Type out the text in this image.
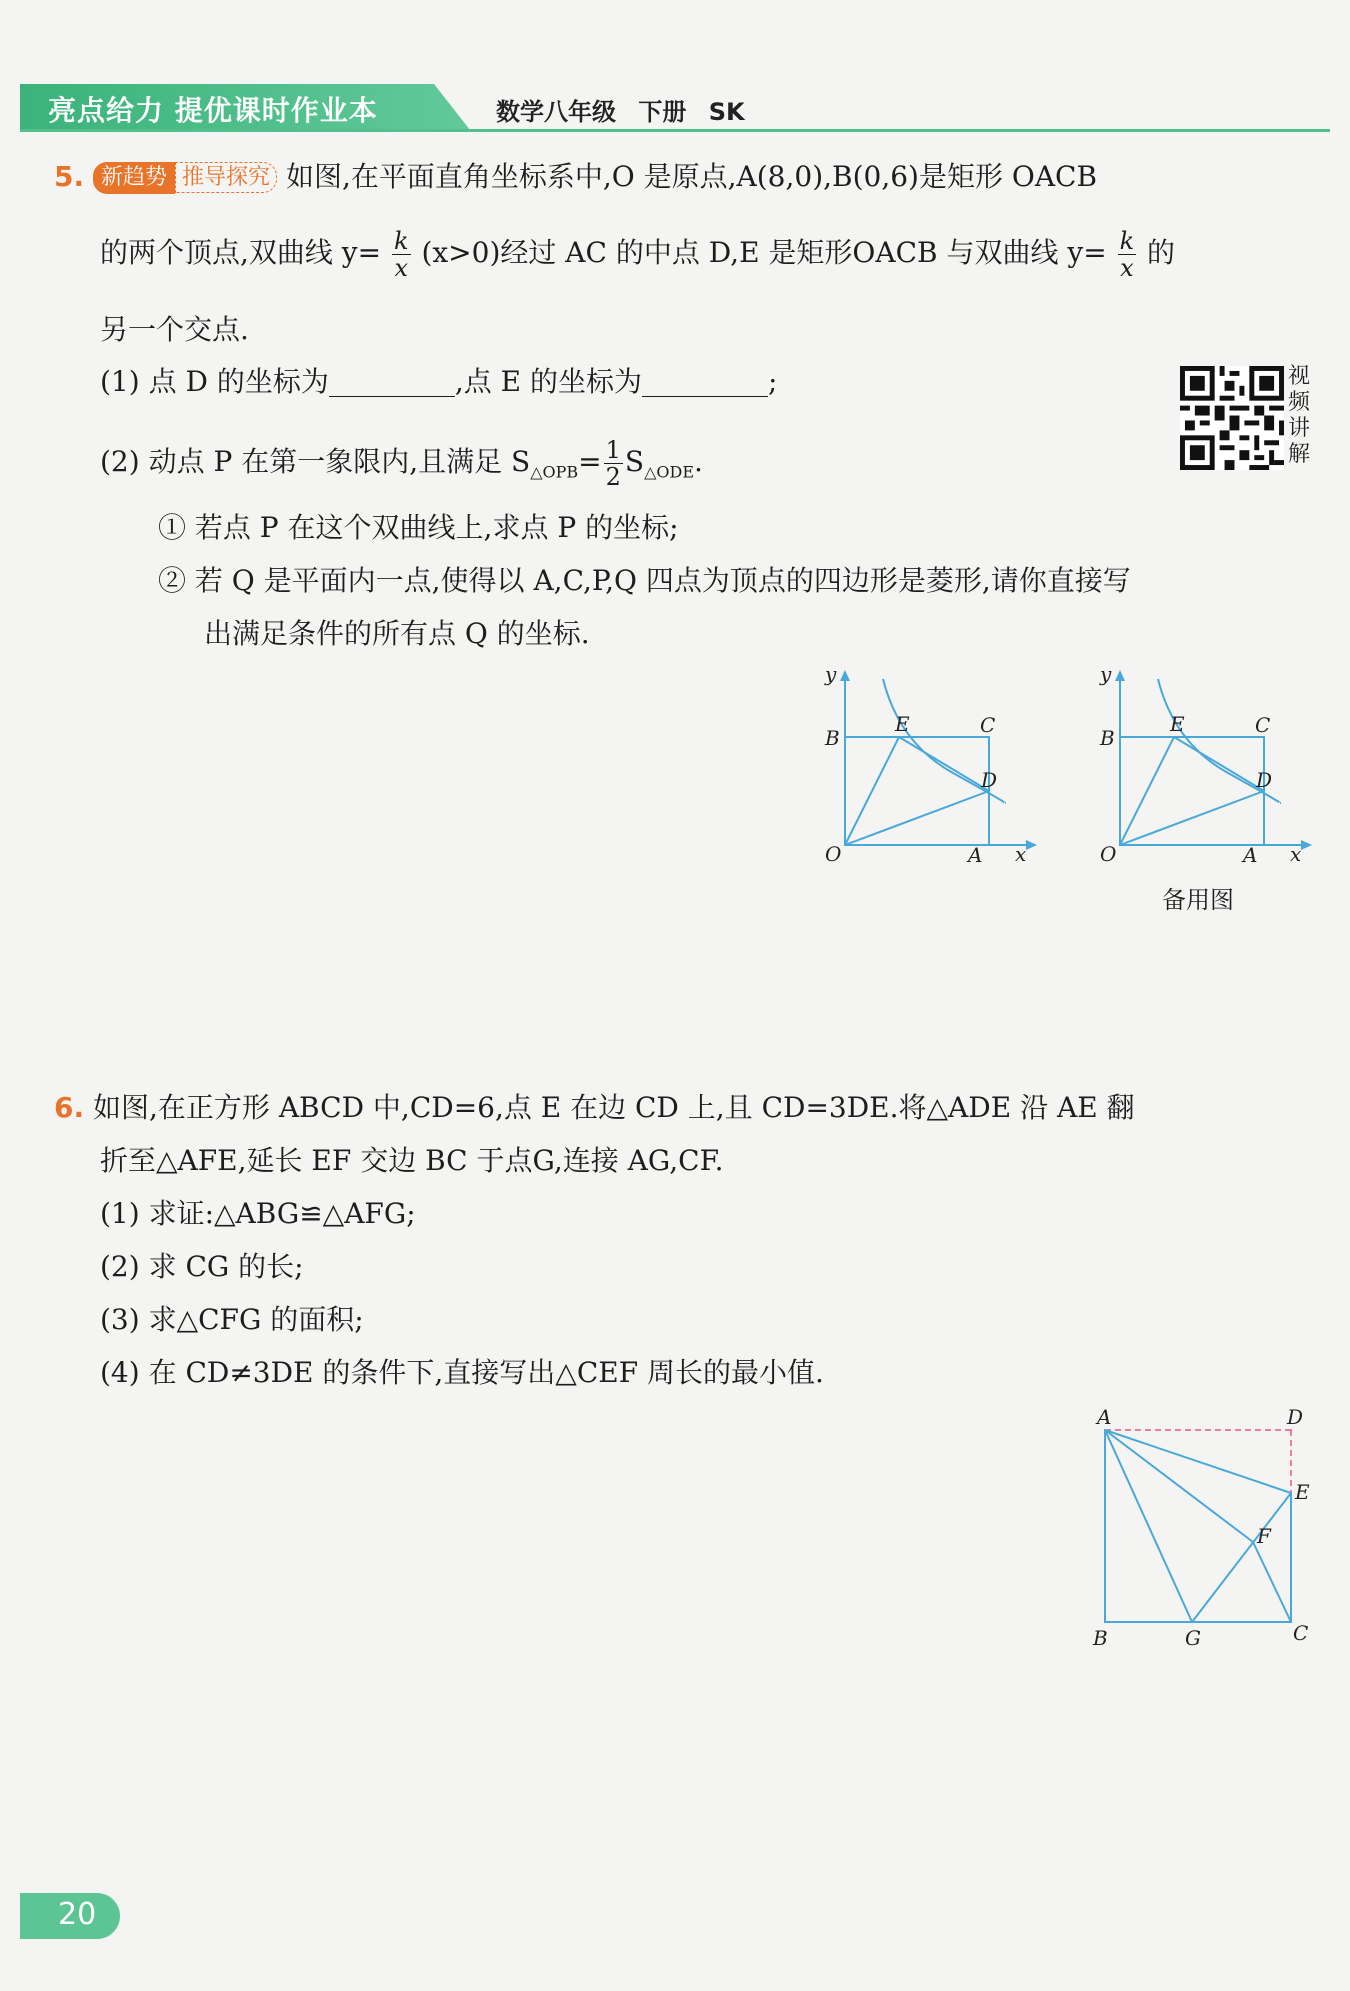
亮点给力 提优课时作业本	数学八年级 下册 SK
5. 新趋势 推导探究 如图,在平面直角坐标系中,O 是原点,A(8,0),B(0,6)是矩形 OACB
的两个顶点,双曲线 $y= \frac{k}{x} (x>0)$经过 AC 的中点 D,E 是矩形OACB 与双曲线 $y= \frac{k}{x}$ 的
另一个交点.
(1) 点 D 的坐标为	,点 E 的坐标为	;
(2) 动点 P 在第一象限内,且满足 $S_{\triangle OPB}= \frac{1}{2} S_{\triangle ODE}$.
① 若点 P 在这个双曲线上,求点 P 的坐标;
② 若 Q 是平面内一点,使得以 A,C,P,Q 四点为顶点的四边形是菱形,请你直接写
出满足条件的所有点 Q 的坐标.
视频讲解
y
x
O	A
B
C
D
E
y
x
O	A
B
C
D
E
备用图
6. 如图,在正方形 ABCD 中,CD=6,点 E 在边 CD 上,且 CD=3DE.将△ADE 沿 AE 翻
折至△AFE,延长 EF 交边 BC 于点G,连接 AG,CF.
(1) 求证:△ABG≌△AFG;
(2) 求 CG 的长;
(3) 求△CFG 的面积;
(4) 在 CD≠3DE 的条件下,直接写出△CEF 周长的最小值.
A	D
E
F
B	G	C
20
